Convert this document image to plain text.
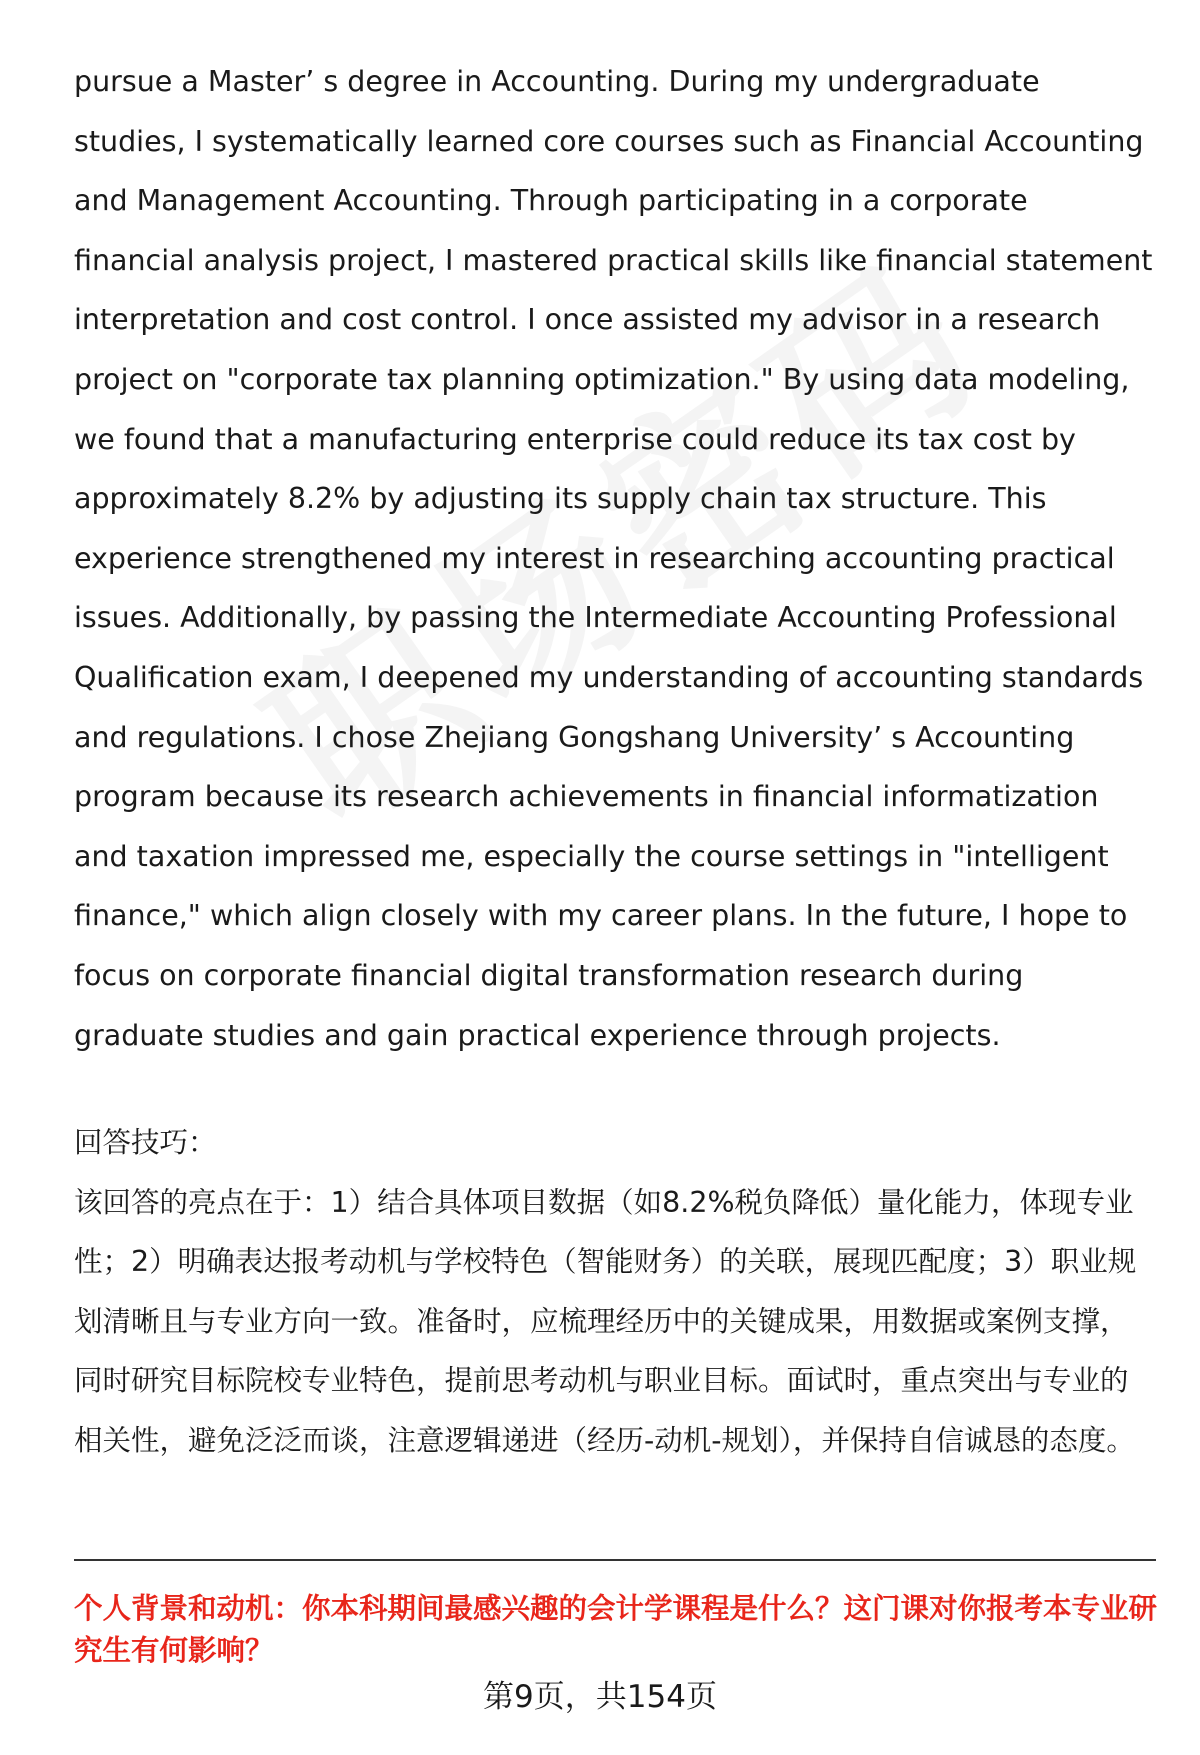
pursue a Master’ s degree in Accounting. During my undergraduate studies, I systematically learned core courses such as Financial Accounting and Management Accounting. Through participating in a corporate financial analysis project, I mastered practical skills like financial statement interpretation and cost control. I once assisted my advisor in a research project on "corporate tax planning optimization." By using data modeling, we found that a manufacturing enterprise could reduce its tax cost by approximately 8.2% by adjusting its supply chain tax structure. This experience strengthened my interest in researching accounting practical issues. Additionally, by passing the Intermediate Accounting Professional Qualification exam, I deepened my understanding of accounting standards and regulations. I chose Zhejiang Gongshang University’ s Accounting program because its research achievements in financial informatization and taxation impressed me, especially the course settings in "intelligent finance," which align closely with my career plans. In the future, I hope to focus on corporate financial digital transformation research during graduate studies and gain practical experience through projects.

回答技巧：

该回答的亮点在于：1）结合具体项目数据（如8.2%税负降低）量化能力，体现专业性；2）明确表达报考动机与学校特色（智能财务）的关联，展现匹配度；3）职业规划清晰且与专业方向一致。准备时，应梳理经历中的关键成果，用数据或案例支撑，同时研究目标院校专业特色，提前思考动机与职业目标。面试时，重点突出与专业的相关性，避免泛泛而谈，注意逻辑递进（经历-动机-规划），并保持自信诚恳的态度。

个人背景和动机：你本科期间最感兴趣的会计学课程是什么？这门课对你报考本专业研究生有何影响？

第9页，共154页
